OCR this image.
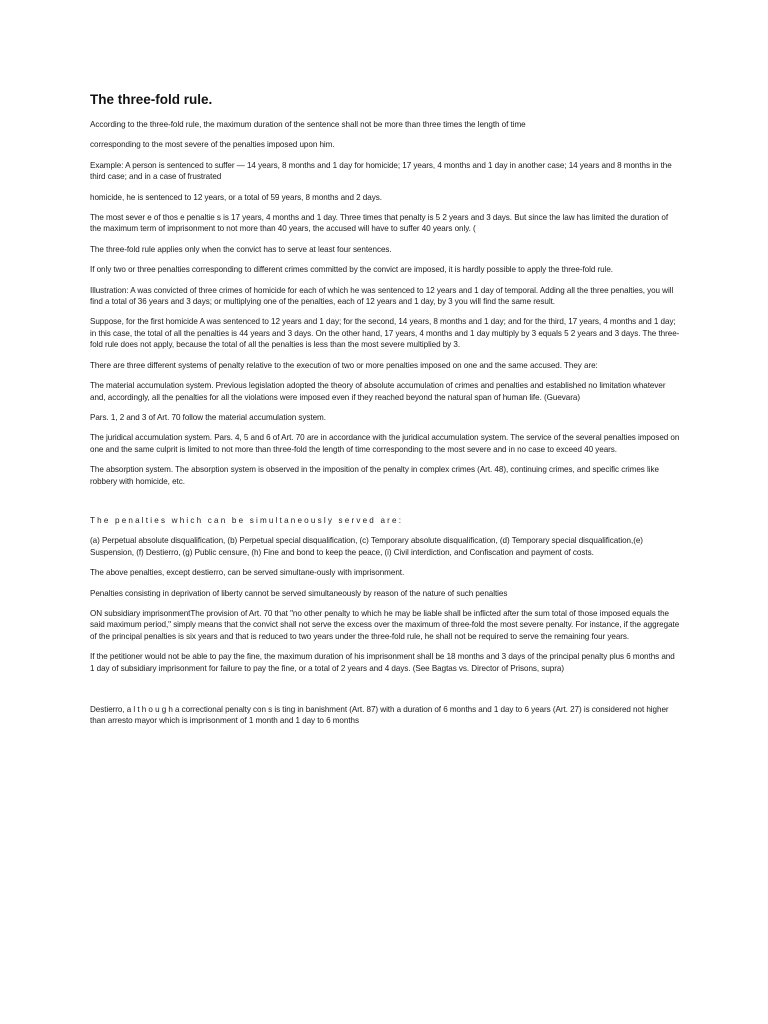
The three-fold rule.

According to the three-fold rule, the maximum duration of the sentence shall not be more than three times the length of time

corresponding to the most severe of the penalties imposed upon him.

Example: A person is sentenced to suffer — 14 years, 8 months and 1 day for homicide; 17 years, 4 months and 1 day in another case; 14 years and 8 months in the third case; and in a case of frustrated

homicide, he is sentenced to 12 years, or a total of 59 years, 8 months and 2 days.

The most sever e of thos e penaltie s is 17 years, 4 months and 1 day. Three times that penalty is 5 2 years and 3 days. But since the law has limited the duration of the maximum term of imprisonment to not more than 40 years, the accused will have to suffer 40 years only. (

The three-fold rule applies only when the convict has to serve at least four sentences.

If only two or three penalties corresponding to different crimes committed by the convict are imposed, it is hardly possible to apply the three-fold rule.

Illustration: A was convicted of three crimes of homicide for each of which he was sentenced to 12 years and 1 day of temporal. Adding all the three penalties, you will find a total of 36 years and 3 days; or multiplying one of the penalties, each of 12 years and 1 day, by 3 you will find the same result.

Suppose, for the first homicide A was sentenced to 12 years and 1 day; for the second, 14 years, 8 months and 1 day; and for the third, 17 years, 4 months and 1 day; in this case, the total of all the penalties is 44 years and 3 days. On the other hand, 17 years, 4 months and 1 day multiply by 3 equals 5 2 years and 3 days. The three-fold rule does not apply, because the total of all the penalties is less than the most severe multiplied by 3.

There are three different systems of penalty relative to the execution of two or more penalties imposed on one and the same accused. They are:

The material accumulation system. Previous legislation adopted the theory of absolute accumulation of crimes and penalties and established no limitation whatever and, accordingly, all the penalties for all the violations were imposed even if they reached beyond the natural span of human life. (Guevara)

Pars. 1, 2 and 3 of Art. 70 follow the material accumulation system.

The juridical accumulation system. Pars. 4, 5 and 6 of Art. 70 are in accordance with the juridical accumulation system. The service of the several penalties imposed on one and the same culprit is limited to not more than three-fold the length of time corresponding to the most severe and in no case to exceed 40 years.

The absorption system. The absorption system is observed in the imposition of the penalty in complex crimes (Art. 48), continuing crimes, and specific crimes like robbery with homicide, etc.

The penalties which can be simultaneously served are:

(a) Perpetual absolute disqualification, (b) Perpetual special disqualification, (c) Temporary absolute disqualification, (d) Temporary special disqualification,(e) Suspension, (f) Destierro, (g) Public censure, (h) Fine and bond to keep the peace, (i) Civil interdiction, and Confiscation and payment of costs.

The above penalties, except destierro, can be served simultane-ously with imprisonment.

Penalties consisting in deprivation of liberty cannot be served simultaneously by reason of the nature of such penalties

ON subsidiary imprisonmentThe provision of Art. 70 that "no other penalty to which he may be liable shall be inflicted after the sum total of those imposed equals the said maximum period," simply means that the convict shall not serve the excess over the maximum of three-fold the most severe penalty. For instance, if the aggregate of the principal penalties is six years and that is reduced to two years under the three-fold rule, he shall not be required to serve the remaining four years.

If the petitioner would not be able to pay the fine, the maximum duration of his imprisonment shall be 18 months and 3 days of the principal penalty plus 6 months and 1 day of subsidiary imprisonment for failure to pay the fine, or a total of 2 years and 4 days. (See Bagtas vs. Director of Prisons, supra)

Destierro, a l t h o u g h a correctional penalty con s is ting in banishment (Art. 87) with a duration of 6 months and 1 day to 6 years (Art. 27) is considered not higher than arresto mayor which is imprisonment of 1 month and 1 day to 6 months
